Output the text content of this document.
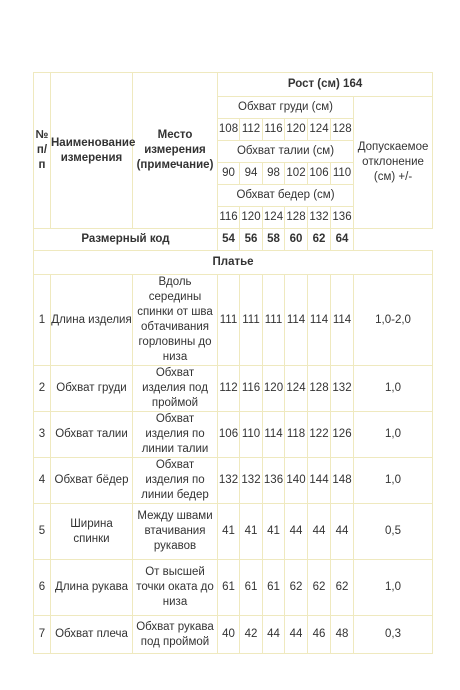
№ п/п	Наименование измерения	Место измерения (примечание)	Рост (см) 164						
			Обхват груди (см)						Допускаемое отклонение (см) +/-
			108	112	116	120	124	128	
			Обхват талии (см)						
			90	94	98	102	106	110	
			Обхват бедер (см)						
			116	120	124	128	132	136	
Размерный код			54	56	58	60	62	64	
Платье									
1	Длина изделия	Вдоль середины спинки от шва обтачивания горловины до низа	111	111	111	114	114	114	1,0-2,0
2	Обхват груди	Обхват изделия под проймой	112	116	120	124	128	132	1,0
3	Обхват талии	Обхват изделия по линии талии	106	110	114	118	122	126	1,0
4	Обхват бёдер	Обхват изделия по линии бедер	132	132	136	140	144	148	1,0
5	Ширина спинки	Между швами втачивания рукавов	41	41	41	44	44	44	0,5
6	Длина рукава	От высшей точки оката до низа	61	61	61	62	62	62	1,0
7	Обхват плеча	Обхват рукава под проймой	40	42	44	44	46	48	0,3
